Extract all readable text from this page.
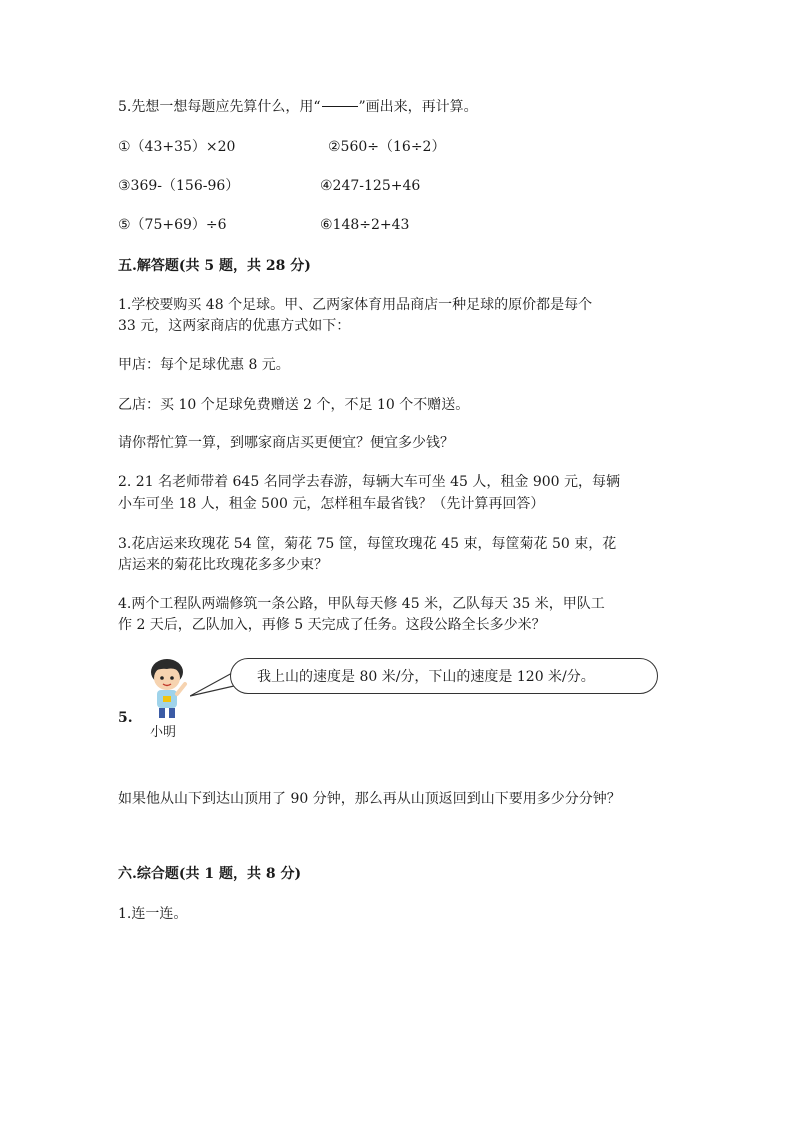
5.先想一想每题应先算什么，用“	”画出来，再计算。
①（43+35）×20	②560÷（16÷2）
③369-（156-96）	④247-125+46
⑤（75+69）÷6	⑥148÷2+43
五.解答题(共 5 题，共 28 分)
1.学校要购买 48 个足球。甲、乙两家体育用品商店一种足球的原价都是每个
33 元，这两家商店的优惠方式如下：
甲店：每个足球优惠 8 元。
乙店：买 10 个足球免费赠送 2 个，不足 10 个不赠送。
请你帮忙算一算，到哪家商店买更便宜？便宜多少钱？
2. 21 名老师带着 645 名同学去春游，每辆大车可坐 45 人，租金 900 元，每辆
小车可坐 18 人，租金 500 元，怎样租车最省钱？（先计算再回答）
3.花店运来玫瑰花 54 筐，菊花 75 筐，每筐玫瑰花 45 束，每筐菊花 50 束，花
店运来的菊花比玫瑰花多多少束？
4.两个工程队两端修筑一条公路，甲队每天修 45 米，乙队每天 35 米，甲队工
作 2 天后，乙队加入，再修 5 天完成了任务。这段公路全长多少米？
5.
小明
我上山的速度是 80 米/分，下山的速度是 120 米/分。
如果他从山下到达山顶用了 90 分钟，那么再从山顶返回到山下要用多少分分钟？
六.综合题(共 1 题，共 8 分)
1.连一连。
